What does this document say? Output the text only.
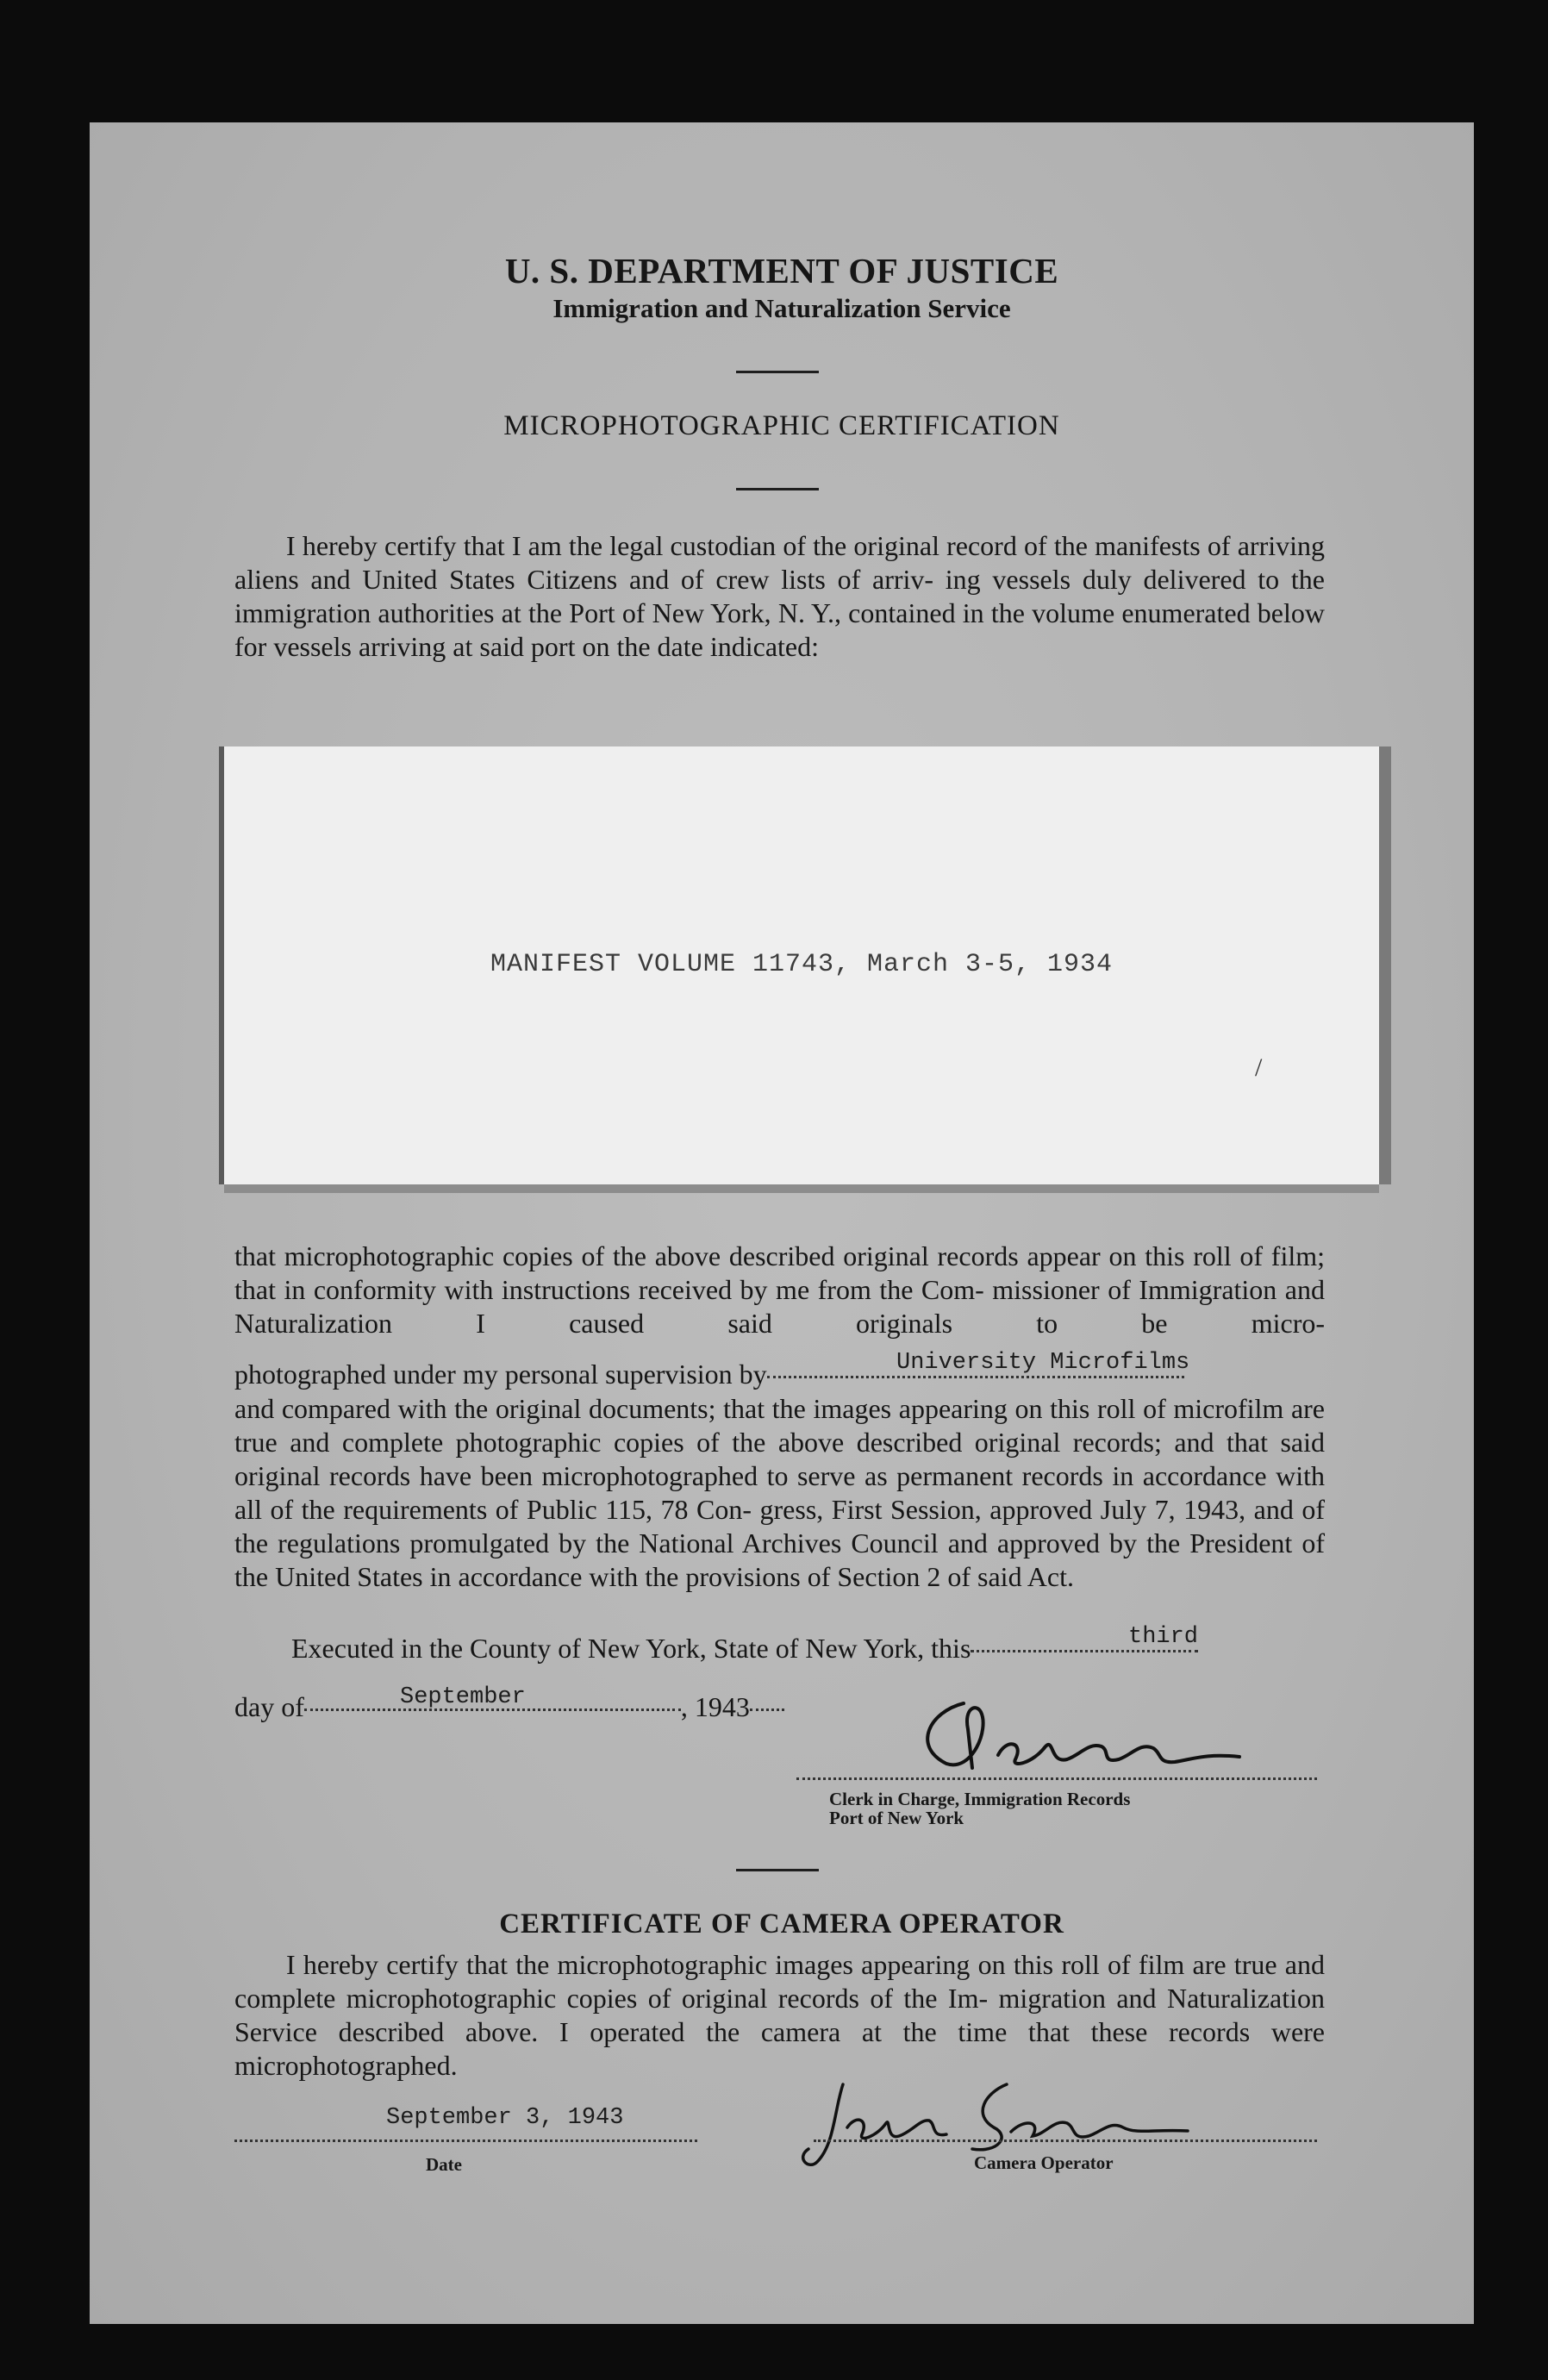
U. S. DEPARTMENT OF JUSTICE
Immigration and Naturalization Service
MICROPHOTOGRAPHIC CERTIFICATION
I hereby certify that I am the legal custodian of the original record of the manifests of arriving aliens and United States Citizens and of crew lists of arriv- ing vessels duly delivered to the immigration authorities at the Port of New York, N. Y., contained in the volume enumerated below for vessels arriving at said port on the date indicated:
MANIFEST VOLUME 11743, March 3-5, 1934
/
that microphotographic copies of the above described original records appear on this roll of film; that in conformity with instructions received by me from the Com- missioner of Immigration and Naturalization I caused said originals to be micro-
photographed under my personal supervision by	University Microfilms
and compared with the original documents; that the images appearing on this roll of microfilm are true and complete photographic copies of the above described original records; and that said original records have been microphotographed to serve as permanent records in accordance with all of the requirements of Public 115, 78 Con- gress, First Session, approved July 7, 1943, and of the regulations promulgated by the National Archives Council and approved by the President of the United States in accordance with the provisions of Section 2 of said Act.
Executed in the County of New York, State of New York, this	third
day of	, 1943
September
Clerk in Charge, Immigration Records
Port of New York
CERTIFICATE OF CAMERA OPERATOR
I hereby certify that the microphotographic images appearing on this roll of film are true and complete microphotographic copies of original records of the Im- migration and Naturalization Service described above. I operated the camera at the time that these records were microphotographed.
September 3, 1943
Date	Camera Operator
